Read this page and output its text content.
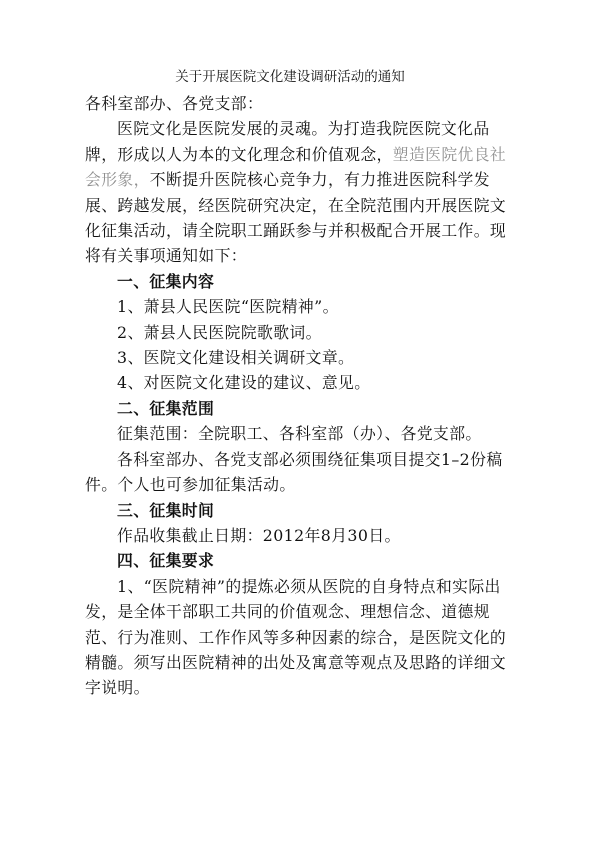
关于开展医院文化建设调研活动的通知

各科室部办、各党支部：

医院文化是医院发展的灵魂。为打造我院医院文化品牌，形成以人为本的文化理念和价值观念，塑造医院优良社会形象，不断提升医院核心竞争力，有力推进医院科学发展、跨越发展，经医院研究决定，在全院范围内开展医院文化征集活动，请全院职工踊跃参与并积极配合开展工作。现将有关事项通知如下：

一、征集内容

1、萧县人民医院“医院精神”。

2、萧县人民医院院歌歌词。

3、医院文化建设相关调研文章。

4、对医院文化建设的建议、意见。

二、征集范围

征集范围：全院职工、各科室部（办）、各党支部。

各科室部办、各党支部必须围绕征集项目提交1–2份稿件。个人也可参加征集活动。

三、征集时间

作品收集截止日期：2012年8月30日。

四、征集要求

1、“医院精神”的提炼必须从医院的自身特点和实际出发，是全体干部职工共同的价值观念、理想信念、道德规范、行为准则、工作作风等多种因素的综合，是医院文化的精髓。须写出医院精神的出处及寓意等观点及思路的详细文字说明。
